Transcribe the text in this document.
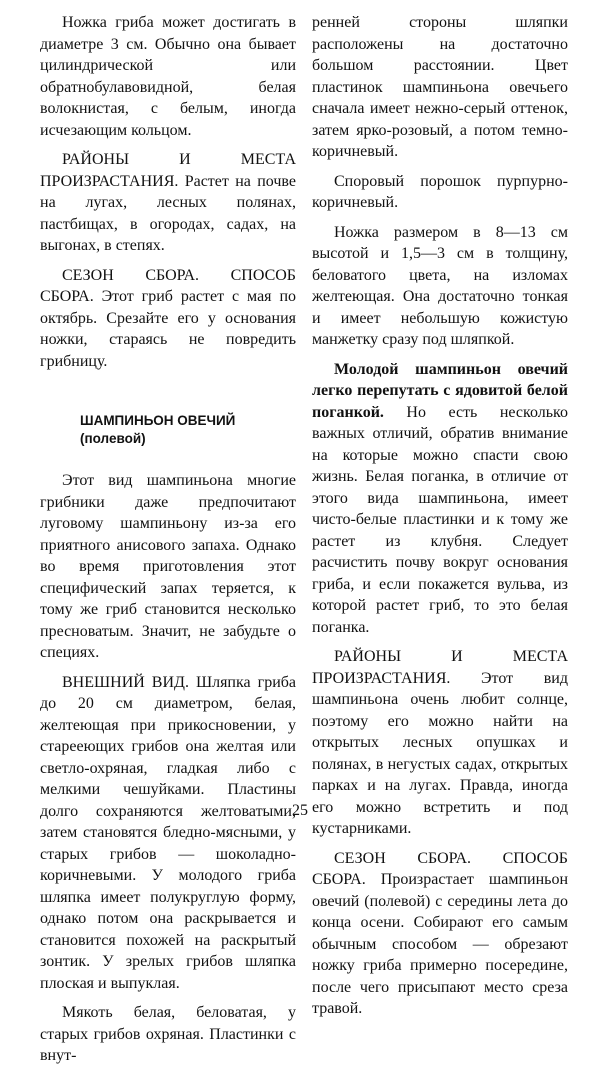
Ножка гриба может достигать в диаметре 3 см. Обычно она бывает цилиндрической или обратнобулавовидной, белая волокнистая, с белым, иногда исчезающим кольцом.

РАЙОНЫ И МЕСТА ПРОИЗРАСТАНИЯ. Растет на почве на лугах, лесных полянах, пастбищах, в огородах, садах, на выгонах, в степях.

СЕЗОН СБОРА. СПОСОБ СБОРА. Этот гриб растет с мая по октябрь. Срезайте его у основания ножки, стараясь не повредить грибницу.

ШАМПИНЬОН ОВЕЧИЙ
(полевой)

Этот вид шампиньона многие грибники даже предпочитают луговому шампиньону из-за его приятного анисового запаха. Однако во время приготовления этот специфический запах теряется, к тому же гриб становится несколько пресноватым. Значит, не забудьте о специях.

ВНЕШНИЙ ВИД. Шляпка гриба до 20 см диаметром, белая, желтеющая при прикосновении, у старееющих грибов она желтая или светло-охряная, гладкая либо с мелкими чешуйками. Пластины долго сохраняются желтоватыми, затем становятся бледно-мясными, у старых грибов — шоколадно-коричневыми. У молодого гриба шляпка имеет полукруглую форму, однако потом она раскрывается и становится похожей на раскрытый зонтик. У зрелых грибов шляпка плоская и выпуклая.

Мякоть белая, беловатая, у старых грибов охряная. Пластинки с внут-

ренней стороны шляпки расположены на достаточно большом расстоянии. Цвет пластинок шампиньона овечьего сначала имеет нежно-серый оттенок, затем ярко-розовый, а потом темно-коричневый.

Споровый порошок пурпурно-коричневый.

Ножка размером в 8—13 см высотой и 1,5—3 см в толщину, беловатого цвета, на изломах желтеющая. Она достаточно тонкая и имеет небольшую кожистую манжетку сразу под шляпкой.

Молодой шампиньон овечий легко перепутать с ядовитой белой поганкой. Но есть несколько важных отличий, обратив внимание на которые можно спасти свою жизнь. Белая поганка, в отличие от этого вида шампиньона, имеет чисто-белые пластинки и к тому же растет из клубня. Следует расчистить почву вокруг основания гриба, и если покажется вульва, из которой растет гриб, то это белая поганка.

РАЙОНЫ И МЕСТА ПРОИЗРАСТАНИЯ. Этот вид шампиньона очень любит солнце, поэтому его можно найти на открытых лесных опушках и полянах, в негустых садах, открытых парках и на лугах. Правда, иногда его можно встретить и под кустарниками.

СЕЗОН СБОРА. СПОСОБ СБОРА. Произрастает шампиньон овечий (полевой) с середины лета до конца осени. Собирают его самым обычным способом — обрезают ножку гриба примерно посередине, после чего присыпают место среза травой.

25
